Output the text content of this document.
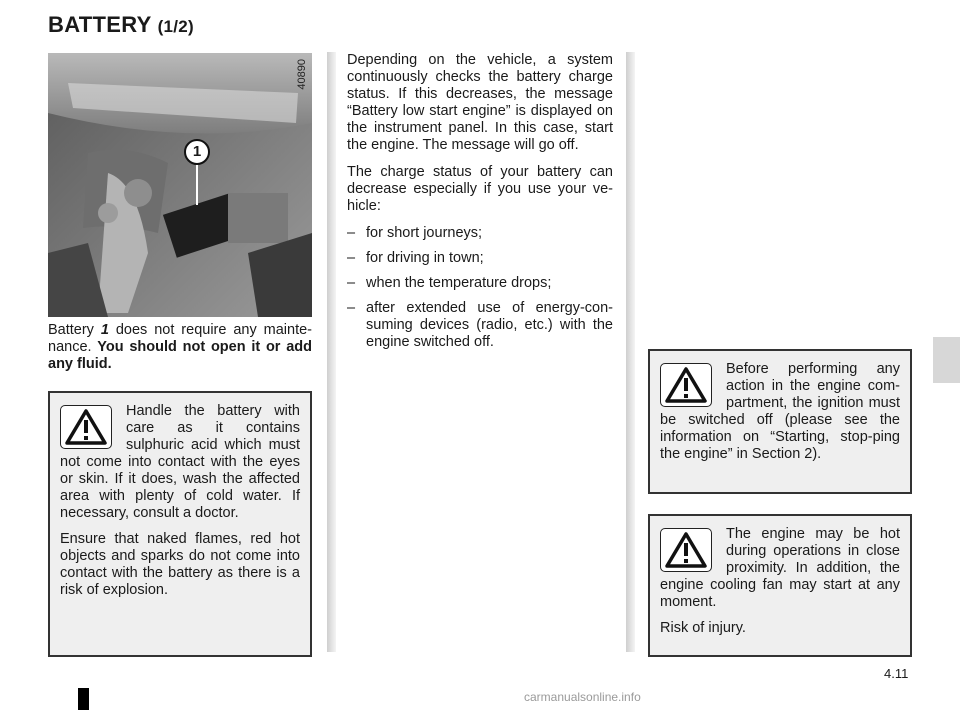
BATTERY (1/2)
40890
1
Battery 1 does not require any mainte-nance. You should not open it or add any fluid.

Depending on the vehicle, a system continuously checks the battery charge status. If this decreases, the message “Battery low start engine” is displayed on the instrument panel. In this case, start the engine. The message will go off.

The charge status of your battery can decrease especially if you use your ve-hicle:

– for short journeys;
– for driving in town;
– when the temperature drops;
– after extended use of energy-con-suming devices (radio, etc.) with the engine switched off.

Handle the battery with care as it contains sulphuric acid which must not come into contact with the eyes or skin. If it does, wash the affected area with plenty of cold water. If necessary, consult a doctor.

Ensure that naked flames, red hot objects and sparks do not come into contact with the battery as there is a risk of explosion.

Before performing any action in the engine com-partment, the ignition must be switched off (please see the information on “Starting, stop-ping the engine” in Section 2).

The engine may be hot during operations in close proximity. In addition, the engine cooling fan may start at any moment.

Risk of injury.

4.11
carmanualsonline.info
